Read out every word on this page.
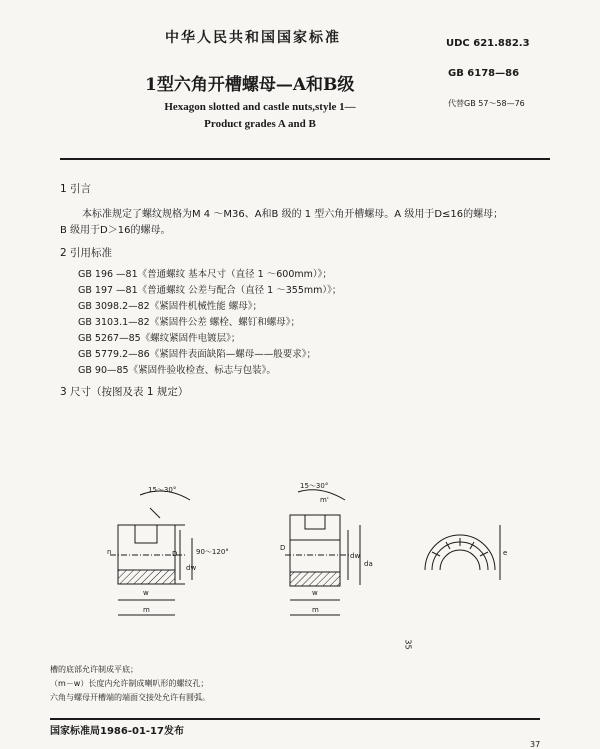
中华人民共和国国家标准	UDC 621.882.3
1型六角开槽螺母—A和B级
GB 6178—86
代替GB 57～58—76
Hexagon slotted and castle nuts,style 1—
Product grades A and B
1 引言
本标准规定了螺纹规格为M 4 ～M36、A和B 级的 1 型六角开槽螺母。A 级用于D≤16的螺母；
B 级用于D＞16的螺母。
2 引用标准
GB 196 —81《普通螺纹 基本尺寸（直径 1 ～600mm）》；
GB 197 —81《普通螺纹 公差与配合（直径 1 ～355mm）》；
GB 3098.2—82《紧固件机械性能 螺母》；
GB 3103.1—82《紧固件公差 螺栓、螺钉和螺母》；
GB 5267—85《螺纹紧固件电镀层》；
GB 5779.2—86《紧固件表面缺陷—螺母——般要求》；
GB 90—85《紧固件验收检查、标志与包装》。
3 尺寸（按图及表 1 规定）
15～30°
D
dw
90～120°
n
w
m
15～30°
m'
D
dw
da
w
m
e
35
槽的底部允许制成平底；
（m－w）长度内允许制成喇叭形的螺纹孔；
六角与螺母开槽端的端面交接处允许有圆弧。
国家标准局1986-01-17发布
37
